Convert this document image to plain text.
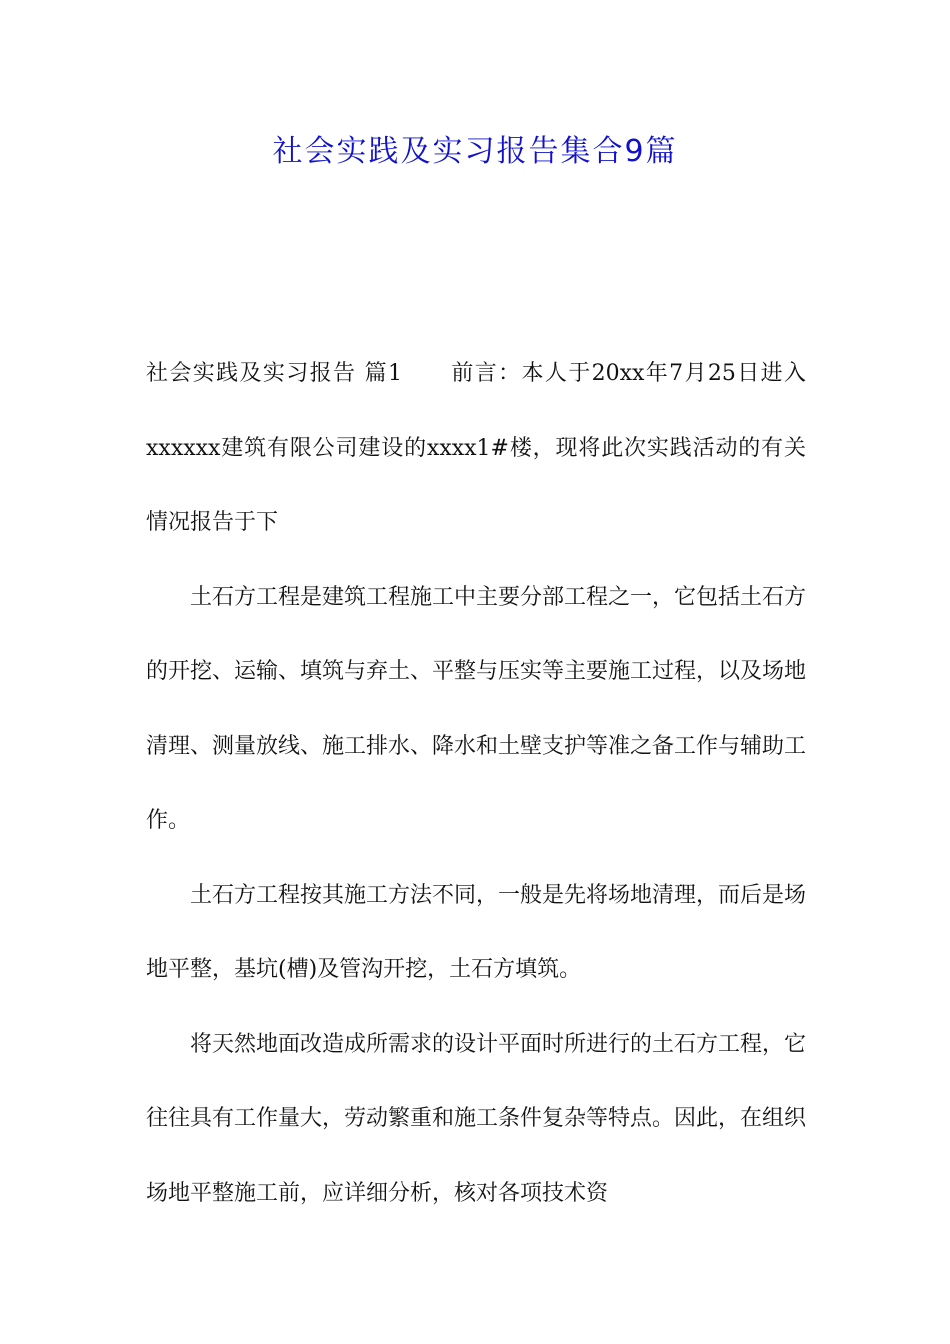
社会实践及实习报告集合9篇

社会实践及实习报告 篇1 前言：本人于20xx年7月25日进入xxxxxx建筑有限公司建设的xxxx1#楼，现将此次实践活动的有关情况报告于下

土石方工程是建筑工程施工中主要分部工程之一，它包括土石方的开挖、运输、填筑与弃土、平整与压实等主要施工过程，以及场地清理、测量放线、施工排水、降水和土壁支护等准之备工作与辅助工作。

土石方工程按其施工方法不同，一般是先将场地清理，而后是场地平整，基坑(槽)及管沟开挖，土石方填筑。

将天然地面改造成所需求的设计平面时所进行的土石方工程，它往往具有工作量大，劳动繁重和施工条件复杂等特点。因此，在组织场地平整施工前，应详细分析，核对各项技术资
